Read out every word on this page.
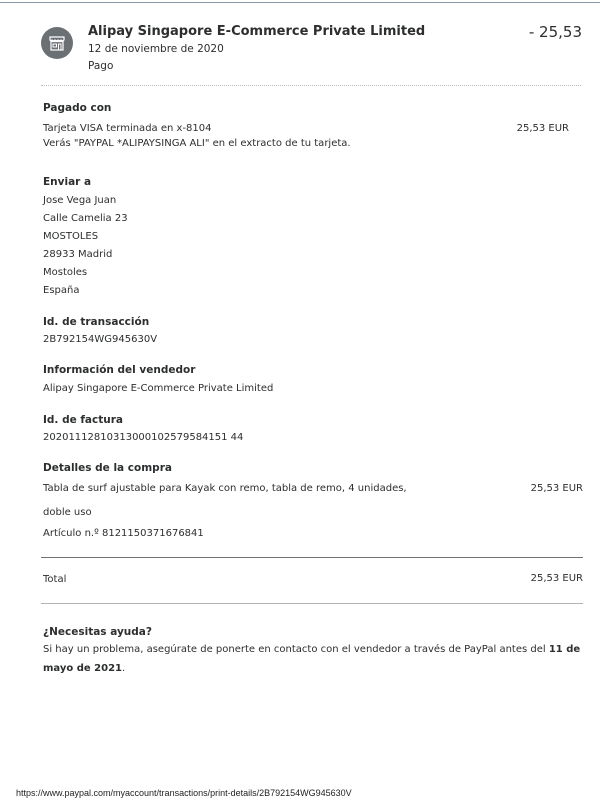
Alipay Singapore E-Commerce Private Limited
12 de noviembre de 2020
Pago
- 25,53
Pagado con
Tarjeta VISA terminada en x-8104
Verás "PAYPAL *ALIPAYSINGA ALI" en el extracto de tu tarjeta.
25,53 EUR
Enviar a
Jose Vega Juan
Calle Camelia 23
MOSTOLES
28933 Madrid
Mostoles
España
Id. de transacción
2B792154WG945630V
Información del vendedor
Alipay Singapore E-Commerce Private Limited
Id. de factura
20201112810313000102579584151 44
Detalles de la compra
Tabla de surf ajustable para Kayak con remo, tabla de remo, 4 unidades,
doble uso
Artículo n.º 8121150371676841
25,53 EUR
Total	25,53 EUR
¿Necesitas ayuda?
Si hay un problema, asegúrate de ponerte en contacto con el vendedor a través de PayPal antes del 11 de mayo de 2021.
https://www.paypal.com/myaccount/transactions/print-details/2B792154WG945630V
